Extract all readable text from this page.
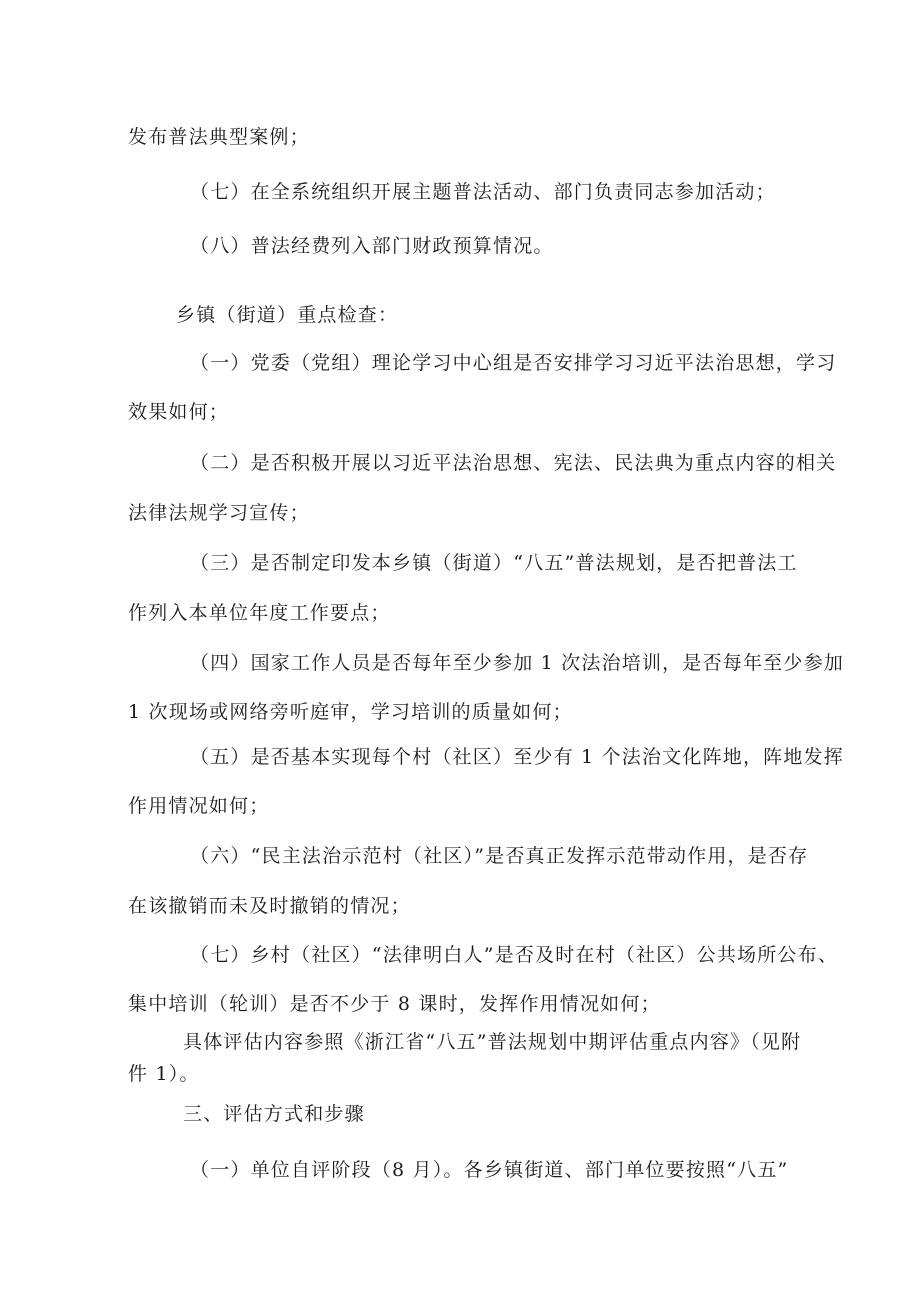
发布普法典型案例；
（七）在全系统组织开展主题普法活动、部门负责同志参加活动；
（八）普法经费列入部门财政预算情况。
乡镇（街道）重点检查：
（一）党委（党组）理论学习中心组是否安排学习习近平法治思想，学习
效果如何；
（二）是否积极开展以习近平法治思想、宪法、民法典为重点内容的相关
法律法规学习宣传；
（三）是否制定印发本乡镇（街道）“八五”普法规划，是否把普法工
作列入本单位年度工作要点；
（四）国家工作人员是否每年至少参加 1 次法治培训，是否每年至少参加
1 次现场或网络旁听庭审，学习培训的质量如何；
（五）是否基本实现每个村（社区）至少有 1 个法治文化阵地，阵地发挥
作用情况如何；
（六）“民主法治示范村（社区）”是否真正发挥示范带动作用，是否存
在该撤销而未及时撤销的情况；
（七）乡村（社区）“法律明白人”是否及时在村（社区）公共场所公布、
集中培训（轮训）是否不少于 8 课时，发挥作用情况如何；
具体评估内容参照《浙江省“八五”普法规划中期评估重点内容》（见附
件 1）。
三、评估方式和步骤
（一）单位自评阶段（8 月）。各乡镇街道、部门单位要按照“八五”
